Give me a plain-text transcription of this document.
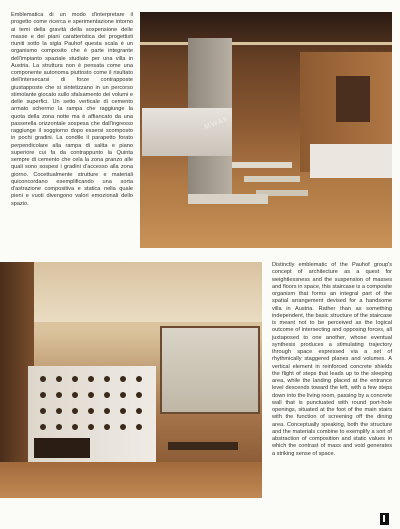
Emblematica di un modo d'interpretare il progetto come ricerca e sperimentazione intorno ai temi della gravità della sospensione delle masse e dei piani caratteristica dei progettisti riuniti sotto la sigla Pauhof questa scala è un organismo composito che è parte integrante dell'impianto spaziale studiato per una villa in Austria. La struttura non è pensata come una componente autonoma piuttosto come il risultato dell'intersecarsi di forze contrapposte giustapposte che si sintetizzano in un percorso stimolante giocato sullo sfalsamento dei volumi e delle superfici. Un setto verticale di cemento armato schermo la rampa che raggiunge la quota della zona notte ma è affiancato da una passerella orizzontale sospesa che dall'ingresso raggiunge il soggiorno dopo essersi scomposto in pochi gradini. La condile il parapetto forato perpendicolare alla rampa di salita e piano superiore cui fa da contrappunto la Quinta sempre di cemento che cela la zona pranzo alle quali sono sospesi i gradini d'accesso alla zona giorno. Cocettualmente strutture e materiali quiconcordano esemplificando una sorta d'astrazione compositiva e statica nella quale pieni e vuoti divengono valori emozionali dello spazio.
MWAY
Distinctly emblematic of the Pauhof group's concept of architecture as a quest for weightlessness and the suspension of masses and floors in space, this staircase is a composite organism that forms an integral part of the spatial arrangement devised for a handsome villa in Austria. Rather than as something independent, the basic structure of the staircase is meant not to be perceived as the logical outcome of intersecting and opposing forces, all juxtaposed to one another, whose eventual synthesis produces a stimulating trajectory through space expressed via a set of rhythmically staggered planes and volumes. A vertical element in reinforced concrete shields the flight of steps that leads up to the sleeping area, while the landing placed at the entrance level descends toward the left, with a few steps down into the living room, passing by a concrete wall that is punctuated with round port-hole openings, situated at the foot of the main stairs with the function of screening off the dining area. Conceptually speaking, both the structure and the materials combine to exemplify a sort of abstraction of composition and static values in which the contrast of mass and void generates a striking sense of space.
